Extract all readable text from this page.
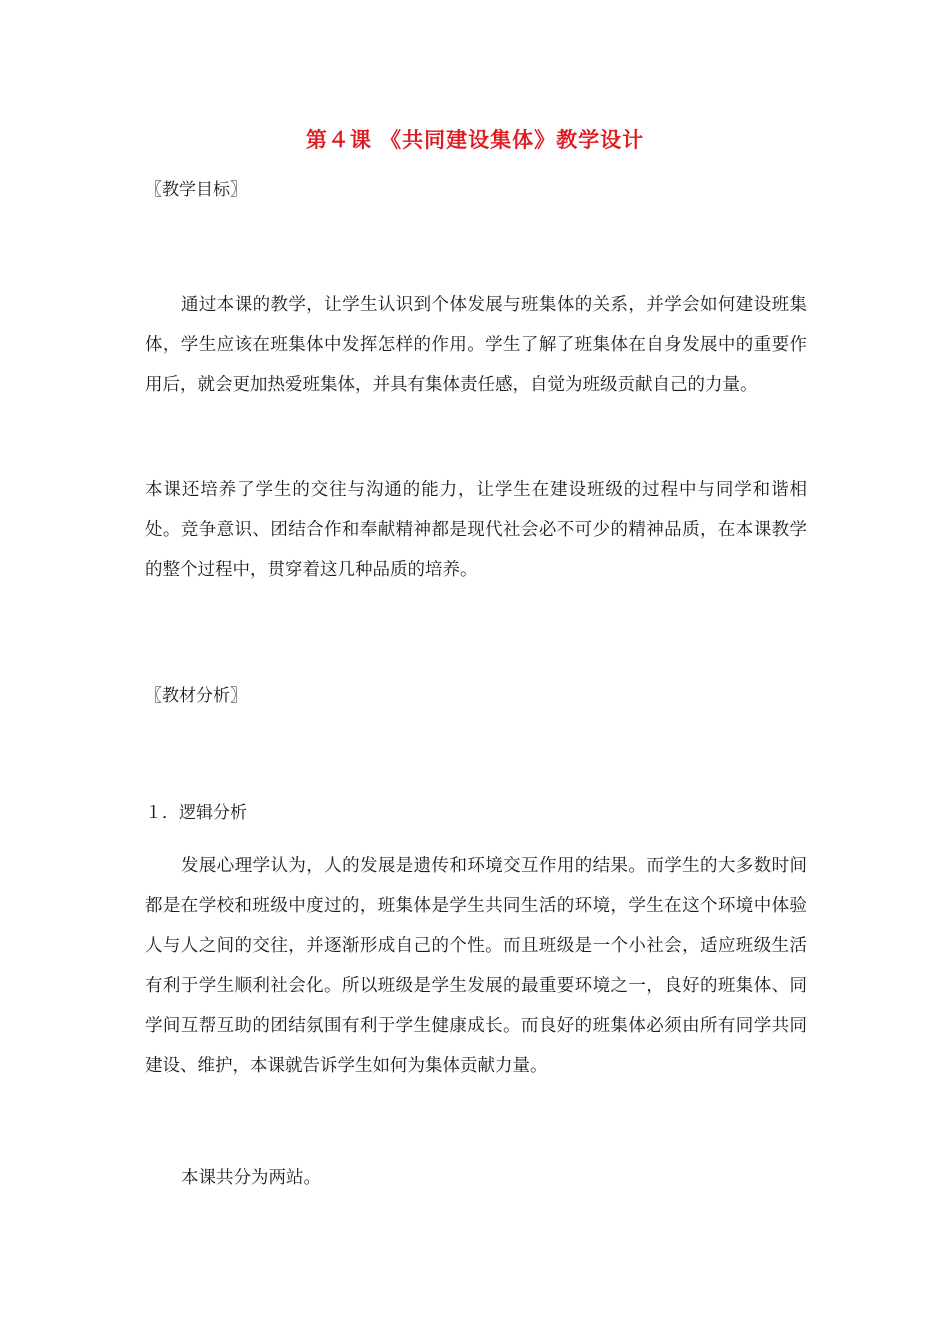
第４课 《共同建设集体》教学设计

〖教学目标〗

通过本课的教学，让学生认识到个体发展与班集体的关系，并学会如何建设班集体，学生应该在班集体中发挥怎样的作用。学生了解了班集体在自身发展中的重要作用后，就会更加热爱班集体，并具有集体责任感，自觉为班级贡献自己的力量。

本课还培养了学生的交往与沟通的能力，让学生在建设班级的过程中与同学和谐相处。竞争意识、团结合作和奉献精神都是现代社会必不可少的精神品质，在本课教学的整个过程中，贯穿着这几种品质的培养。

〖教材分析〗

１．逻辑分析

发展心理学认为，人的发展是遗传和环境交互作用的结果。而学生的大多数时间都是在学校和班级中度过的，班集体是学生共同生活的环境，学生在这个环境中体验人与人之间的交往，并逐渐形成自己的个性。而且班级是一个小社会，适应班级生活有利于学生顺利社会化。所以班级是学生发展的最重要环境之一，良好的班集体、同学间互帮互助的团结氛围有利于学生健康成长。而良好的班集体必须由所有同学共同建设、维护，本课就告诉学生如何为集体贡献力量。

本课共分为两站。
